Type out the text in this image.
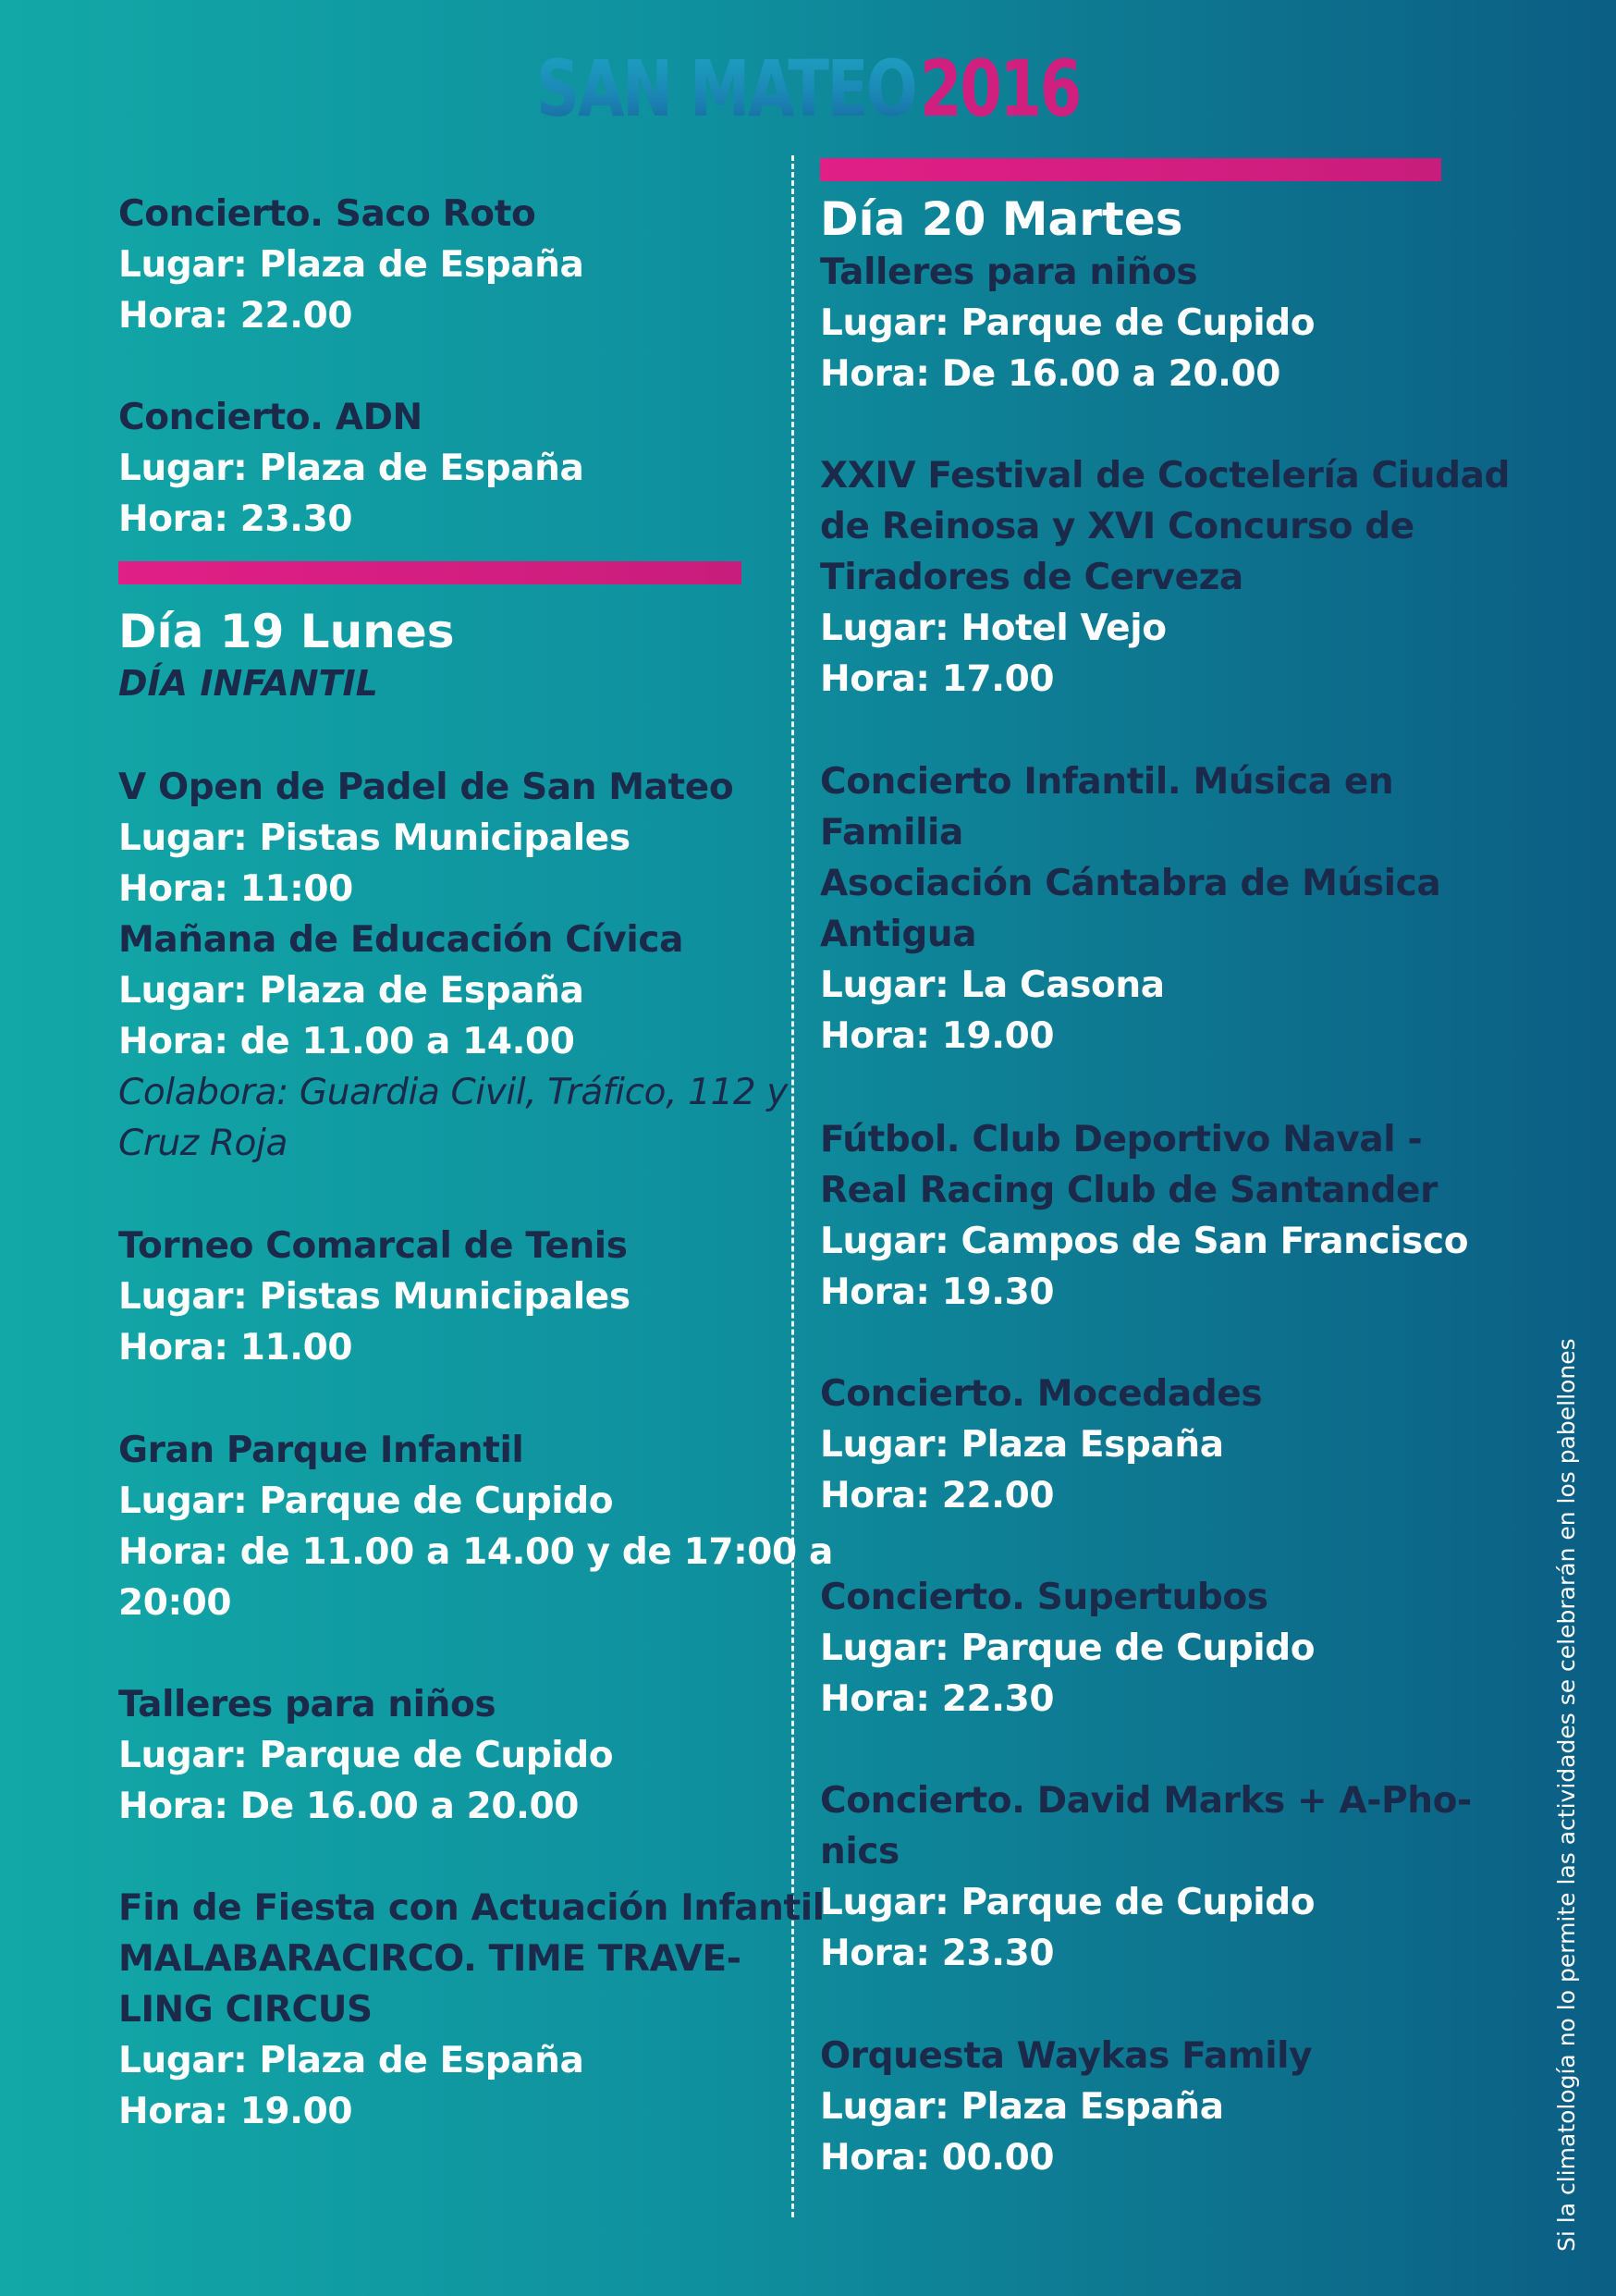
SAN MATEO2016
Concierto. Saco Roto
Lugar: Plaza de España
Hora: 22.00
Concierto. ADN
Lugar: Plaza de España
Hora: 23.30
Día 19 Lunes
DÍA INFANTIL
V Open de Padel de San Mateo
Lugar: Pistas Municipales
Hora: 11:00
Mañana de Educación Cívica
Lugar: Plaza de España
Hora: de 11.00 a 14.00
Colabora: Guardia Civil, Tráfico, 112 y
Cruz Roja
Torneo Comarcal de Tenis
Lugar: Pistas Municipales
Hora: 11.00
Gran Parque Infantil
Lugar: Parque de Cupido
Hora: de 11.00 a 14.00 y de 17:00 a
20:00
Talleres para niños
Lugar: Parque de Cupido
Hora: De 16.00 a 20.00
Fin de Fiesta con Actuación Infantil
MALABARACIRCO. TIME TRAVE-
LING CIRCUS
Lugar: Plaza de España
Hora: 19.00
Día 20 Martes
Talleres para niños
Lugar: Parque de Cupido
Hora: De 16.00 a 20.00
XXIV Festival de Coctelería Ciudad
de Reinosa y XVI Concurso de
Tiradores de Cerveza
Lugar: Hotel Vejo
Hora: 17.00
Concierto Infantil. Música en
Familia
Asociación Cántabra de Música
Antigua
Lugar: La Casona
Hora: 19.00
Fútbol. Club Deportivo Naval -
Real Racing Club de Santander
Lugar: Campos de San Francisco
Hora: 19.30
Concierto. Mocedades
Lugar: Plaza España
Hora: 22.00
Concierto. Supertubos
Lugar: Parque de Cupido
Hora: 22.30
Concierto. David Marks + A-Pho-
nics
Lugar: Parque de Cupido
Hora: 23.30
Orquesta Waykas Family
Lugar: Plaza España
Hora: 00.00	Si la climatología no lo permite las actividades se celebrarán en los pabellones
